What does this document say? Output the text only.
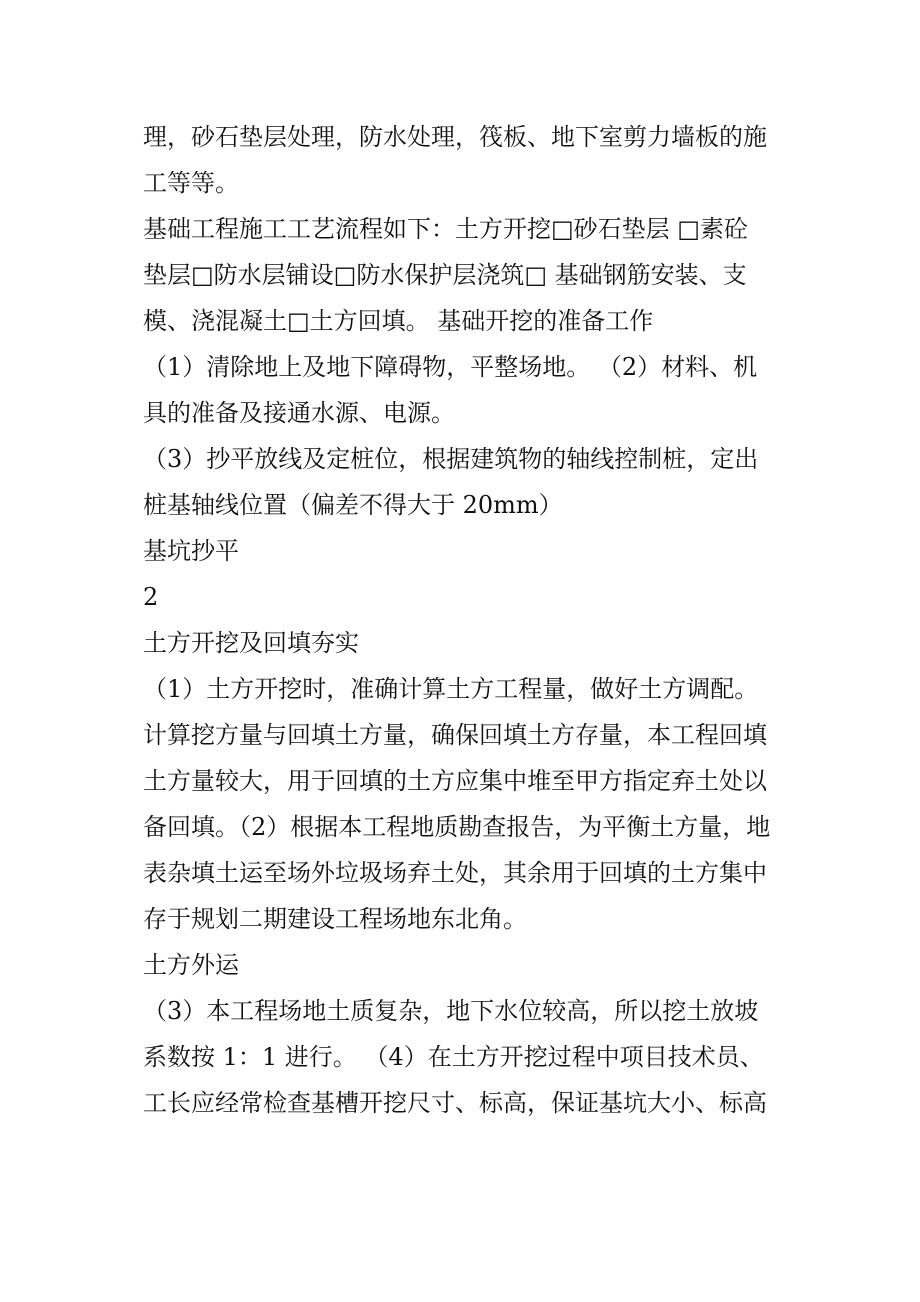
理，砂石垫层处理，防水处理，筏板、地下室剪力墙板的施
工等等。
基础工程施工工艺流程如下：土方开挖□砂石垫层 □素砼
垫层□防水层铺设□防水保护层浇筑□ 基础钢筋安装、支
模、浇混凝土□土方回填。 基础开挖的准备工作
（1）清除地上及地下障碍物，平整场地。 （2）材料、机
具的准备及接通水源、电源。
（3）抄平放线及定桩位，根据建筑物的轴线控制桩，定出
桩基轴线位置（偏差不得大于 20mm）
基坑抄平
2
土方开挖及回填夯实
（1）土方开挖时，准确计算土方工程量，做好土方调配。
计算挖方量与回填土方量，确保回填土方存量，本工程回填
土方量较大，用于回填的土方应集中堆至甲方指定弃土处以
备回填。（2）根据本工程地质勘查报告，为平衡土方量，地
表杂填土运至场外垃圾场弃土处，其余用于回填的土方集中
存于规划二期建设工程场地东北角。
土方外运
（3）本工程场地土质复杂，地下水位较高，所以挖土放坡
系数按 1：1 进行。 （4）在土方开挖过程中项目技术员、
工长应经常检查基槽开挖尺寸、标高，保证基坑大小、标高
